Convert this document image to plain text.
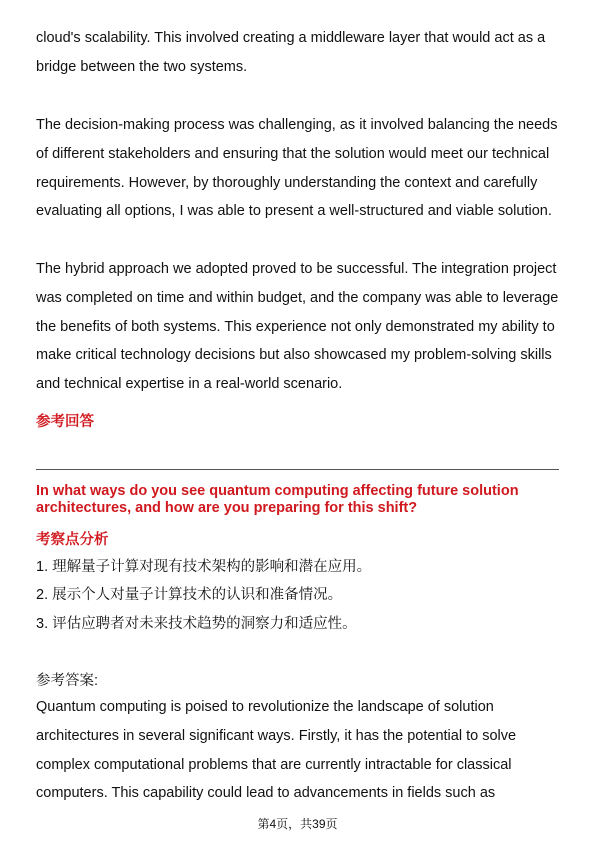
cloud's scalability. This involved creating a middleware layer that would act as a
bridge between the two systems.
The decision-making process was challenging, as it involved balancing the needs
of different stakeholders and ensuring that the solution would meet our technical
requirements. However, by thoroughly understanding the context and carefully
evaluating all options, I was able to present a well-structured and viable solution.
The hybrid approach we adopted proved to be successful. The integration project
was completed on time and within budget, and the company was able to leverage
the benefits of both systems. This experience not only demonstrated my ability to
make critical technology decisions but also showcased my problem-solving skills
and technical expertise in a real-world scenario.
参考回答
In what ways do you see quantum computing affecting future solution
architectures, and how are you preparing for this shift?
考察点分析
1. 理解量子计算对现有技术架构的影响和潜在应用。
2. 展示个人对量子计算技术的认识和准备情况。
3. 评估应聘者对未来技术趋势的洞察力和适应性。
参考答案:
Quantum computing is poised to revolutionize the landscape of solution
architectures in several significant ways. Firstly, it has the potential to solve
complex computational problems that are currently intractable for classical
computers. This capability could lead to advancements in fields such as
第4页，共39页
